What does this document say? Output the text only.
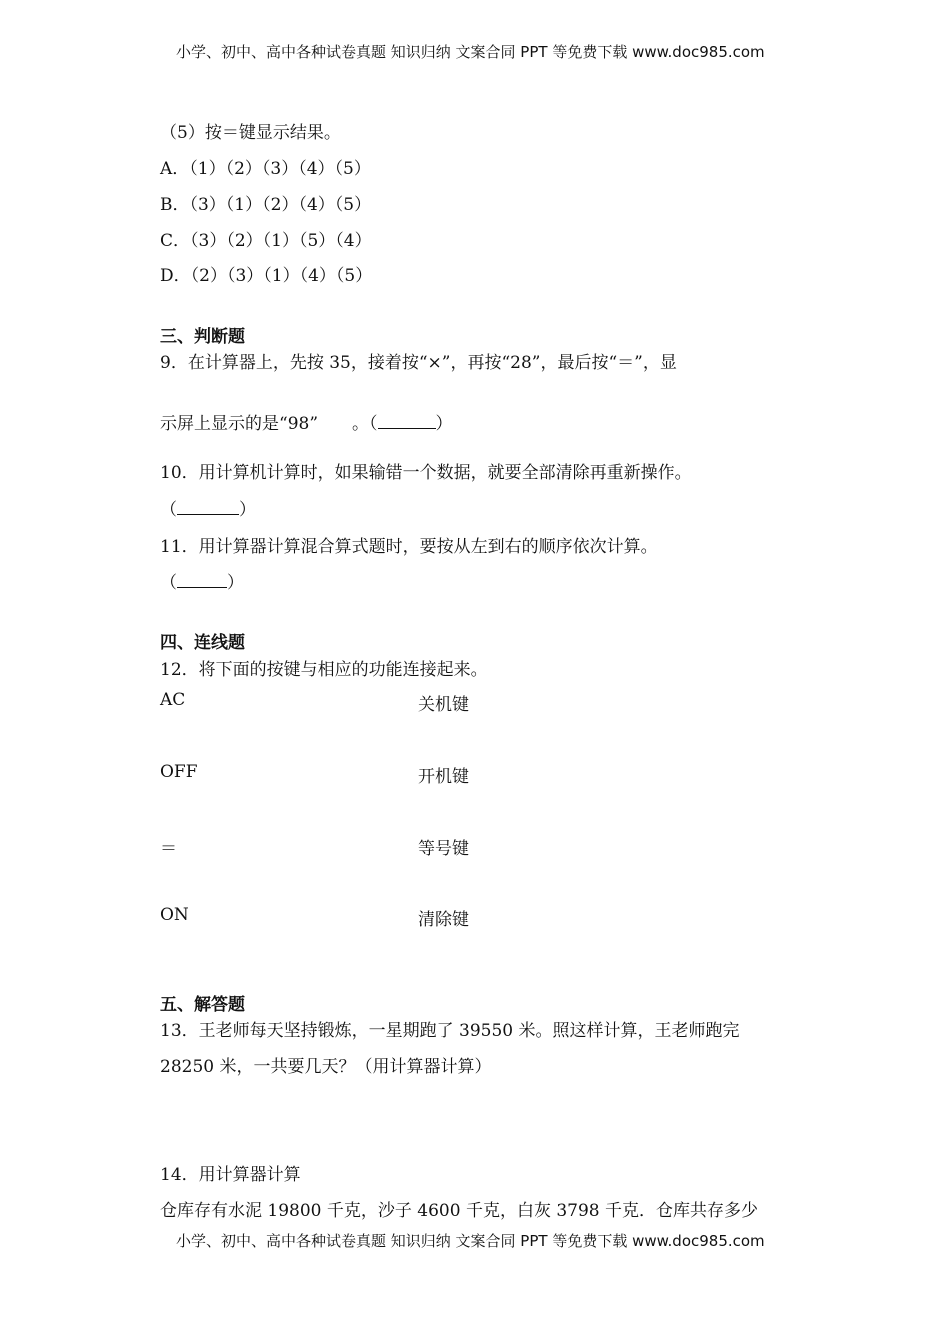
小学、初中、高中各种试卷真题 知识归纳 文案合同 PPT 等免费下载 www.doc985.com
（5）按＝键显示结果。
A．（1）（2）（3）（4）（5）
B．（3）（1）（2）（4）（5）
C．（3）（2）（1）（5）（4）
D．（2）（3）（1）（4）（5）
三、判断题
9．在计算器上，先按 35，接着按“×”，再按“28”，最后按“＝”，显
示屏上显示的是“98”　　。（	）
10．用计算机计算时，如果输错一个数据，就要全部清除再重新操作。
（	）
11．用计算器计算混合算式题时，要按从左到右的顺序依次计算。
（	）
四、连线题
12．将下面的按键与相应的功能连接起来。
AC	关机键
OFF	开机键
＝	等号键
ON	清除键
五、解答题
13．王老师每天坚持锻炼，一星期跑了 39550 米。照这样计算，王老师跑完
28250 米，一共要几天？（用计算器计算）
14．用计算器计算
仓库存有水泥 19800 千克，沙子 4600 千克，白灰 3798 千克．仓库共存多少
小学、初中、高中各种试卷真题 知识归纳 文案合同 PPT 等免费下载 www.doc985.com
